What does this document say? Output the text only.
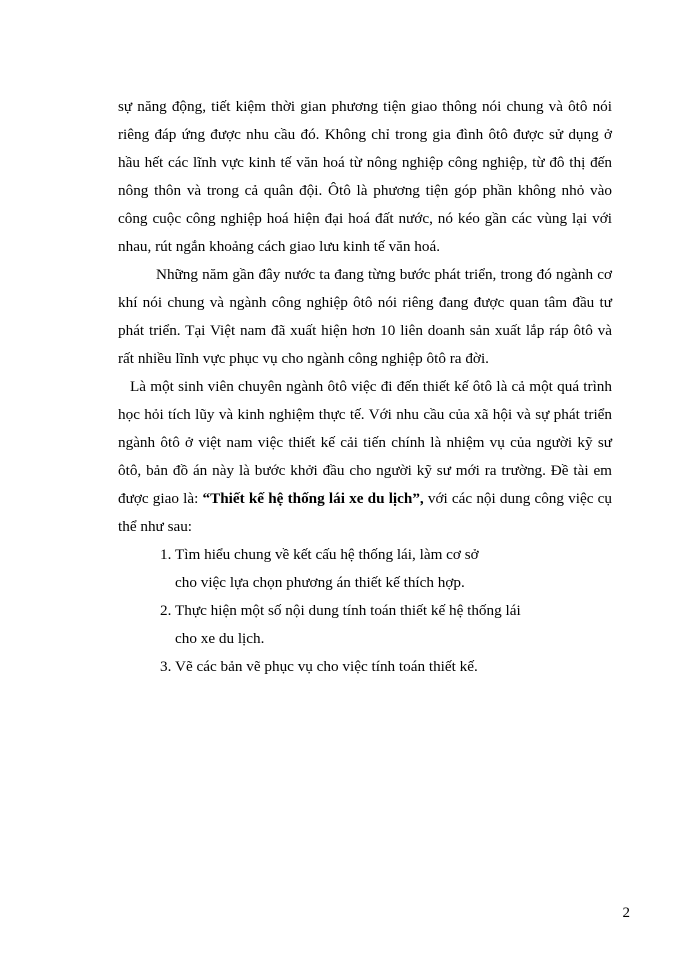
sự năng động, tiết kiệm thời gian phương tiện giao thông nói chung và ôtô nói riêng đáp ứng được nhu cầu đó. Không chỉ trong gia đình ôtô được sử dụng ở hầu hết các lĩnh vực kinh tế văn hoá từ nông nghiệp công nghiệp, từ đô thị đến nông thôn và trong cả quân đội. Ôtô là phương tiện góp phần không nhỏ vào công cuộc công nghiệp hoá hiện đại hoá đất nước, nó kéo gần các vùng lại với nhau, rút ngắn khoảng cách giao lưu kinh tế văn hoá.

Những năm gần đây nước ta đang từng bước phát triển, trong đó ngành cơ khí nói chung và ngành công nghiệp ôtô nói riêng đang được quan tâm đầu tư phát triển. Tại Việt nam đã xuất hiện hơn 10 liên doanh sản xuất lắp ráp ôtô và rất nhiều lĩnh vực phục vụ cho ngành công nghiệp ôtô ra đời.

Là một sinh viên chuyên ngành ôtô việc đi đến thiết kế ôtô là cả một quá trình học hỏi tích lũy và kinh nghiệm thực tế. Với nhu cầu của xã hội và sự phát triển ngành ôtô ở việt nam việc thiết kế cải tiến chính là nhiệm vụ của người kỹ sư ôtô, bản đồ án này là bước khởi đầu cho người kỹ sư mới ra trường. Đề tài em được giao là: “Thiết kế hệ thống lái xe du lịch”, với các nội dung công việc cụ thể như sau:

1. Tìm hiểu chung về kết cấu hệ thống lái, làm cơ sở
cho việc lựa chọn phương án thiết kế thích hợp.
2. Thực hiện một số nội dung tính toán thiết kế hệ thống lái
cho xe du lịch.
3. Vẽ các bản vẽ phục vụ cho việc tính toán thiết kế.
2
